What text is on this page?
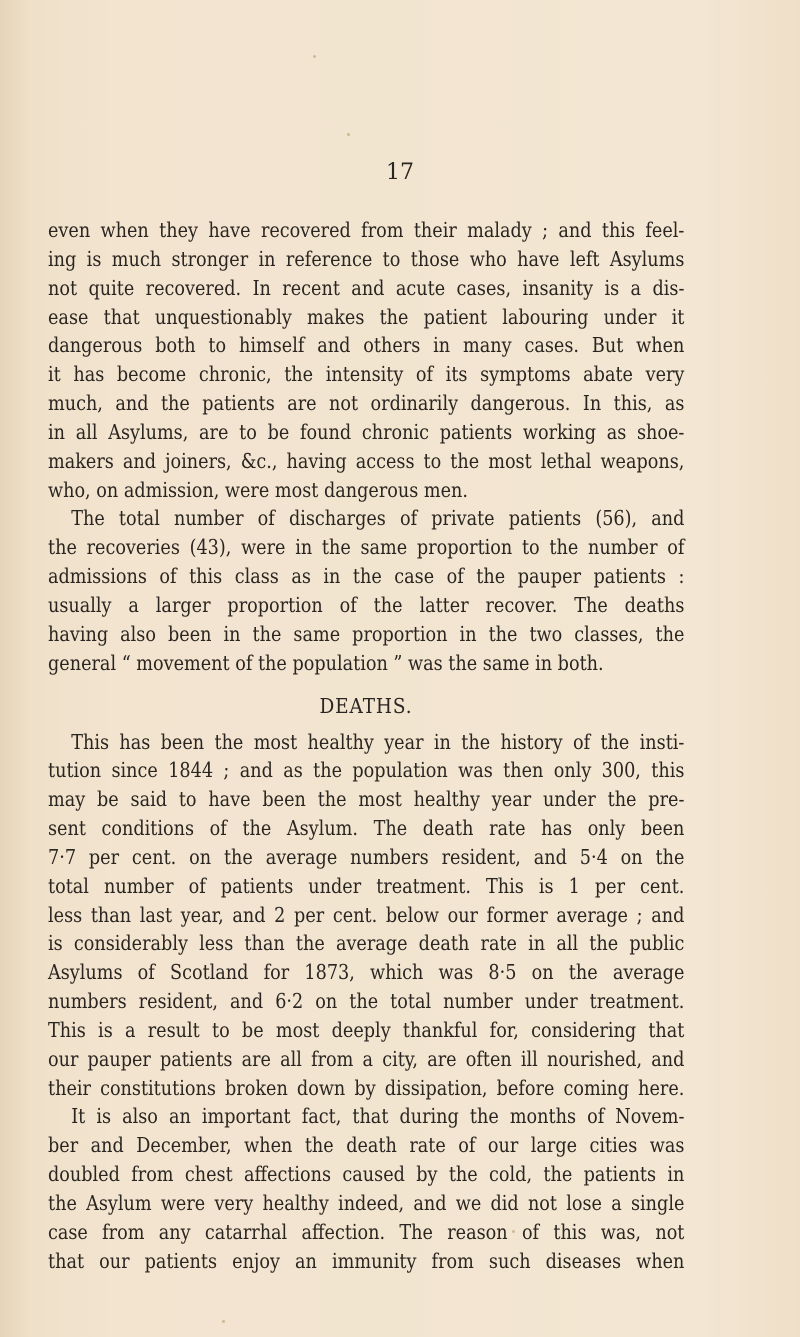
17
even when they have recovered from their malady ; and this feel-
ing is much stronger in reference to those who have left Asylums
not quite recovered. In recent and acute cases, insanity is a dis-
ease that unquestionably makes the patient labouring under it
dangerous both to himself and others in many cases. But when
it has become chronic, the intensity of its symptoms abate very
much, and the patients are not ordinarily dangerous. In this, as
in all Asylums, are to be found chronic patients working as shoe-
makers and joiners, &c., having access to the most lethal weapons,
who, on admission, were most dangerous men.
The total number of discharges of private patients (56), and
the recoveries (43), were in the same proportion to the number of
admissions of this class as in the case of the pauper patients :
usually a larger proportion of the latter recover. The deaths
having also been in the same proportion in the two classes, the
general “ movement of the population ” was the same in both.
DEATHS.
This has been the most healthy year in the history of the insti-
tution since 1844 ; and as the population was then only 300, this
may be said to have been the most healthy year under the pre-
sent conditions of the Asylum. The death rate has only been
7·7 per cent. on the average numbers resident, and 5·4 on the
total number of patients under treatment. This is 1 per cent.
less than last year, and 2 per cent. below our former average ; and
is considerably less than the average death rate in all the public
Asylums of Scotland for 1873, which was 8·5 on the average
numbers resident, and 6·2 on the total number under treatment.
This is a result to be most deeply thankful for, considering that
our pauper patients are all from a city, are often ill nourished, and
their constitutions broken down by dissipation, before coming here.
It is also an important fact, that during the months of Novem-
ber and December, when the death rate of our large cities was
doubled from chest affections caused by the cold, the patients in
the Asylum were very healthy indeed, and we did not lose a single
case from any catarrhal affection. The reason of this was, not
that our patients enjoy an immunity from such diseases when
